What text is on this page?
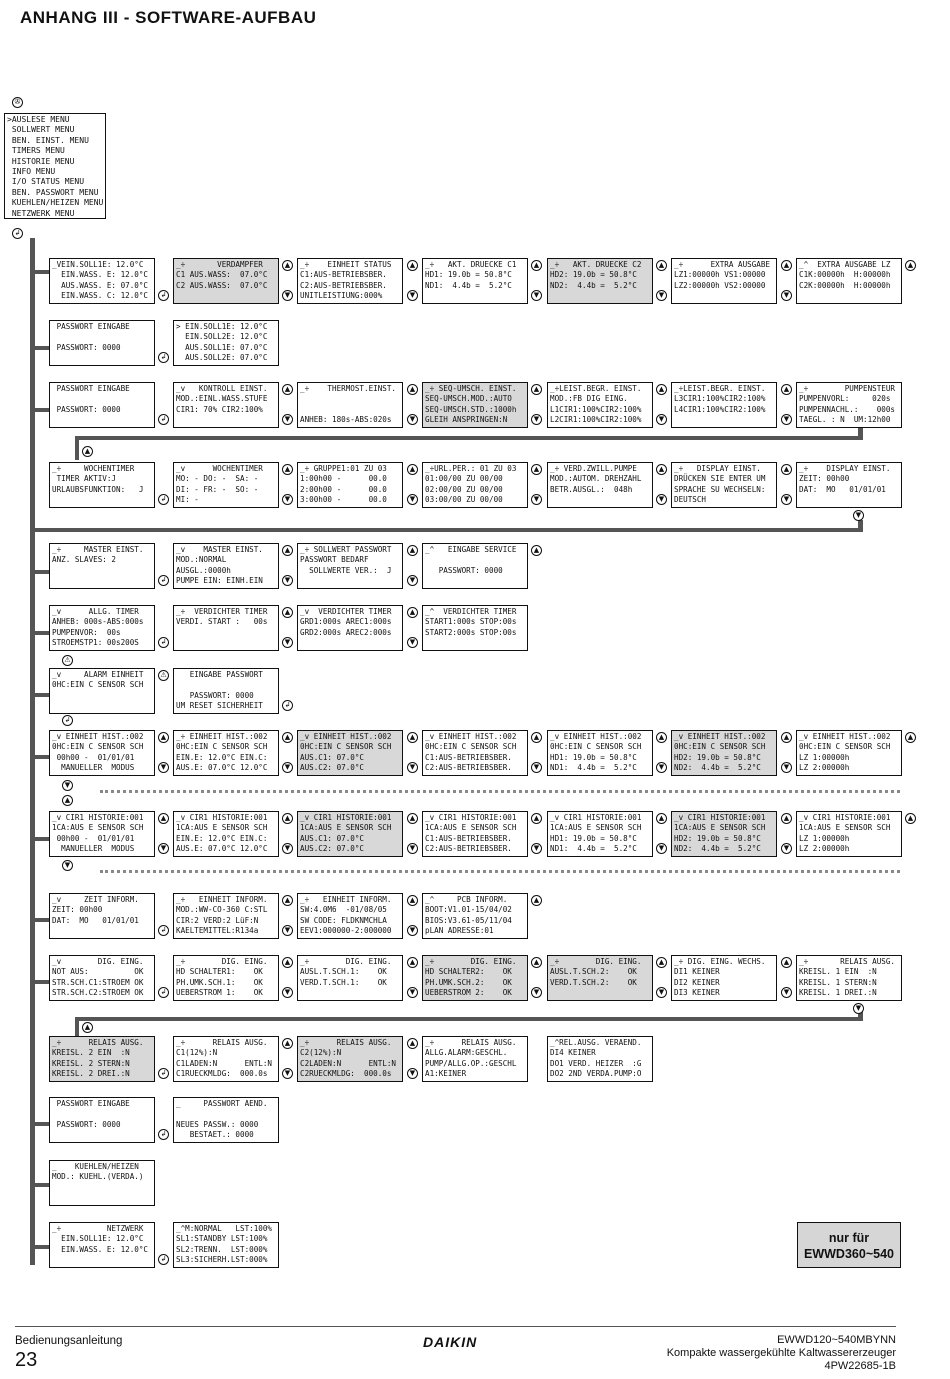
ANHANG III - SOFTWARE-AUFBAU
✇
>AUSLESE MENU
SOLLWERT MENU
BEN. EINST. MENU
TIMERS MENU
HISTORIE MENU
INFO MENU
I/O STATUS MENU
BEN. PASSWORT MENU
KUEHLEN/HEIZEN MENU
NETZWERK MENU
↲
_VEIN.SOLL1E: 12.0°C
EIN.WASS. E: 12.0°C
AUS.WASS. E: 07.0°C
EIN.WASS. C: 12.0°C
_÷       VERDAMPFER
C1 AUS.WASS:  07.0°C
C2 AUS.WASS:  07.0°C
_÷    EINHEIT STATUS
C1:AUS-BETRIEBSBER.
C2:AUS-BETRIEBSBER.
UNITLEISTIUNG:000%
_÷   AKT. DRUECKE C1
HD1: 19.0b = 50.8°C
ND1:  4.4b =  5.2°C
_÷   AKT. DRUECKE C2
HD2: 19.0b = 50.8°C
ND2:  4.4b =  5.2°C
_÷      EXTRA AUSGABE
LZ1:00000h VS1:00000
LZ2:00000h VS2:00000
_^  EXTRA AUSGABE LZ
C1K:00000h  H:00000h
C2K:00000h  H:00000h
↲
▲
▼
▲
▼
▲
▼
▲
▼
▲
▼
▲
PASSWORT EINGABE

PASSWORT: 0000
> EIN.SOLL1E: 12.0°C
EIN.SOLL2E: 12.0°C
AUS.SOLL1E: 07.0°C
AUS.SOLL2E: 07.0°C
↲
PASSWORT EINGABE

PASSWORT: 0000
_v   KONTROLL EINST.
MOD.:EINL.WASS.STUFE
CIR1: 70% CIR2:100%
_÷    THERMOST.EINST.

ANHEB: 180s-ABS:020s
_÷ SEQ-UMSCH. EINST.
SEQ-UMSCH.MOD.:AUTO
SEQ-UMSCH.STD.:1000h
GLEIH ANSPRINGEN:N
_÷LEIST.BEGR. EINST.
MOD.:FB DIG EING.
L1CIR1:100%CIR2:100%
L2CIR1:100%CIR2:100%
_÷LEIST.BEGR. EINST.
L3CIR1:100%CIR2:100%
L4CIR1:100%CIR2:100%
_÷        PUMPENSTEUR
PUMPENVORL:     020s
PUMPENNACHL.:    000s
TAEGL. : N  UM:12h00
↲
▲
▼
▲
▼
▲
▼
▲
▼
▲
▼
▲
_÷     WOCHENTIMER
TIMER AKTIV:J
URLAUBSFUNKTION:   J
_v      WOCHENTIMER
MO: - DO: -  SA: -
DI: - FR: -  SO: -
MI: -
_÷ GRUPPE1:01 ZU 03
1:00h00 -      00.0
2:00h00 -      00.0
3:00h00 -      00.0
_÷URL.PER.: 01 ZU 03
01:00/00 ZU 00/00
02:00/00 ZU 00/00
03:00/00 ZU 00/00
_÷ VERD.ZWILL.PUMPE
MOD.:AUTOM. DREHZAHL
BETR.AUSGL.:  048h
_÷   DISPLAY EINST.
DRÜCKEN SIE ENTER UM
SPRACHE SU WECHSELN:
DEUTSCH
_÷    DISPLAY EINST.
ZEIT: 00h00
DAT:  MO   01/01/01
↲
▲
▼
▲
▼
▲
▼
▲
▼
▲
▼
▼
_÷     MASTER EINST.
ANZ. SLAVES: 2
_v    MASTER EINST.
MOD.:NORMAL
AUSGL.:0000h
PUMPE EIN: EINH.EIN
_÷ SOLLWERT PASSWORT
PASSWORT BEDARF
SOLLWERTE VER.:  J
_^   EINGABE SERVICE

PASSWORT: 0000
↲
▲
▼
▲
▼
▲
_v      ALLG. TIMER
ANHEB: 000s-ABS:000s
PUMPENVOR:  00s
STROEMSTP1: 00s200S
_÷  VERDICHTER TIMER
VERDI. START :   00s
_v  VERDICHTER TIMER
GRD1:000s AREC1:000s
GRD2:000s AREC2:000s
_^  VERDICHTER TIMER
START1:000s STOP:00s
START2:000s STOP:00s
↲
▲
▼
▲
▼
⚠
_v     ALARM EINHEIT
0HC:EIN C SENSOR SCH
⚠	EINGABE PASSWORT

PASSWORT: 0000
UM RESET SICHERHEIT	↲
↲
_v EINHEIT HIST.:002
0HC:EIN C SENSOR SCH
00h00 -  01/01/01
MANUELLER  MODUS
_÷ EINHEIT HIST.:002
0HC:EIN C SENSOR SCH
EIN.E: 12.0°C EIN.C:
AUS.E: 07.0°C 12.0°C
_v EINHEIT HIST.:002
0HC:EIN C SENSOR SCH
AUS.C1: 07.0°C
AUS.C2: 07.0°C
_v EINHEIT HIST.:002
0HC:EIN C SENSOR SCH
C1:AUS-BETRIEBSBER.
C2:AUS-BETRIEBSBER.
_v EINHEIT HIST.:002
0HC:EIN C SENSOR SCH
HD1: 19.0b = 50.8°C
ND1:  4.4b =  5.2°C
_v EINHEIT HIST.:002
0HC:EIN C SENSOR SCH
HD2: 19.0b = 50.8°C
ND2:  4.4b =  5.2°C
_v EINHEIT HIST.:002
0HC:EIN C SENSOR SCH
LZ 1:00000h
LZ 2:00000h
▲
▼
▲
▼
▲
▼
▲
▼
▲
▼
▲
▼
▲
▼
▲
_v CIR1 HISTORIE:001
1CA:AUS E SENSOR SCH
00h00 -  01/01/01
MANUELLER  MODUS
_v CIR1 HISTORIE:001
1CA:AUS E SENSOR SCH
EIN.E: 12.0°C EIN.C:
AUS.E: 07.0°C 12.0°C
_v CIR1 HISTORIE:001
1CA:AUS E SENSOR SCH
AUS.C1: 07.0°C
AUS.C2: 07.0°C
_v CIR1 HISTORIE:001
1CA:AUS E SENSOR SCH
C1:AUS-BETRIEBSBER.
C2:AUS-BETRIEBSBER.
_v CIR1 HISTORIE:001
1CA:AUS E SENSOR SCH
HD1: 19.0b = 50.8°C
ND1:  4.4b =  5.2°C
_v CIR1 HISTORIE:001
1CA:AUS E SENSOR SCH
HD2: 19.0b = 50.8°C
ND2:  4.4b =  5.2°C
_v CIR1 HISTORIE:001
1CA:AUS E SENSOR SCH
LZ 1:00000h
LZ 2:00000h
▲
▼
▲
▼
▲
▼
▲
▼
▲
▼
▲
▼
▲
▼
_v     ZEIT INFORM.
ZEIT: 00h00
DAT:  MO   01/01/01
_÷   EINHEIT INFORM.
MOD.:WW-CO-360 C:STL
CIR:2 VERD:2 LüF:N
KAELTEMITTEL:R134a
_÷   EINHEIT INFORM.
SW:4.0M6  -01/08/05
SW CODE: FLDKNMCHLA
EEV1:000000-2:000000
_^     PCB INFORM.
BOOT:V1.01-15/04/02
BIOS:V3.61-05/11/04
pLAN ADRESSE:01
↲
▲
▼
▲
▼
▲
_v        DIG. EING.
NOT AUS:          OK
STR.SCH.C1:STROEM OK
STR.SCH.C2:STROEM OK
_÷        DIG. EING.
HD SCHALTER1:    OK
PH.UMK.SCH.1:    OK
UEBERSTROM 1:    OK
_÷        DIG. EING.
AUSL.T.SCH.1:    OK
VERD.T.SCH.1:    OK
_÷        DIG. EING.
HD SCHALTER2:    OK
PH.UMK.SCH.2:    OK
UEBERSTROM 2:    OK
_÷        DIG. EING.
AUSL.T.SCH.2:    OK
VERD.T.SCH.2:    OK
_÷ DIG. EING. WECHS.
DI1 KEINER
DI2 KEINER
DI3 KEINER
_÷       RELAIS AUSG.
KREISL. 1 EIN  :N
KREISL. 1 STERN:N
KREISL. 1 DREI.:N
↲
▲
▼
▲
▼
▲
▼
▲
▼
▲
▼
▼
▲
_÷      RELAIS AUSG.
KREISL. 2 EIN  :N
KREISL. 2 STERN:N
KREISL. 2 DREI.:N
_÷      RELAIS AUSG.
C1(12%):N
C1LADEN:N      ENTL:N
C1RUECKMLDG:  000.0s
_÷      RELAIS AUSG.
C2(12%):N
C2LADEN:N      ENTL:N
C2RUECKMLDG:  000.0s
_÷      RELAIS AUSG.
ALLG.ALARM:GESCHL.
PUMP/ALLG.OP.:GESCHL
A1:KEINER
_^REL.AUSG. VERAEND.
DI4 KEINER
DO1 VERD. HEIZER  :G
DO2 2ND VERDA.PUMP:O
↲
▲
▼
▲
▼
PASSWORT EINGABE

PASSWORT: 0000
_     PASSWORT AEND.

NEUES PASSW.: 0000
BESTAET.: 0000
↲
_    KUEHLEN/HEIZEN
MOD.: KUEHL.(VERDA.)
_÷          NETZWERK
EIN.SOLL1E: 12.0°C
EIN.WASS. E: 12.0°C
_^M:NORMAL   LST:100%
SL1:STANDBY LST:100%
SL2:TRENN.  LST:000%
SL3:SICHERH.LST:000%
↲
nur für
EWWD360~540
Bedienungsanleitung
23
DAIKIN	EWWD120~540MBYNN
Kompakte wassergekühlte Kaltwassererzeuger
4PW22685-1B
